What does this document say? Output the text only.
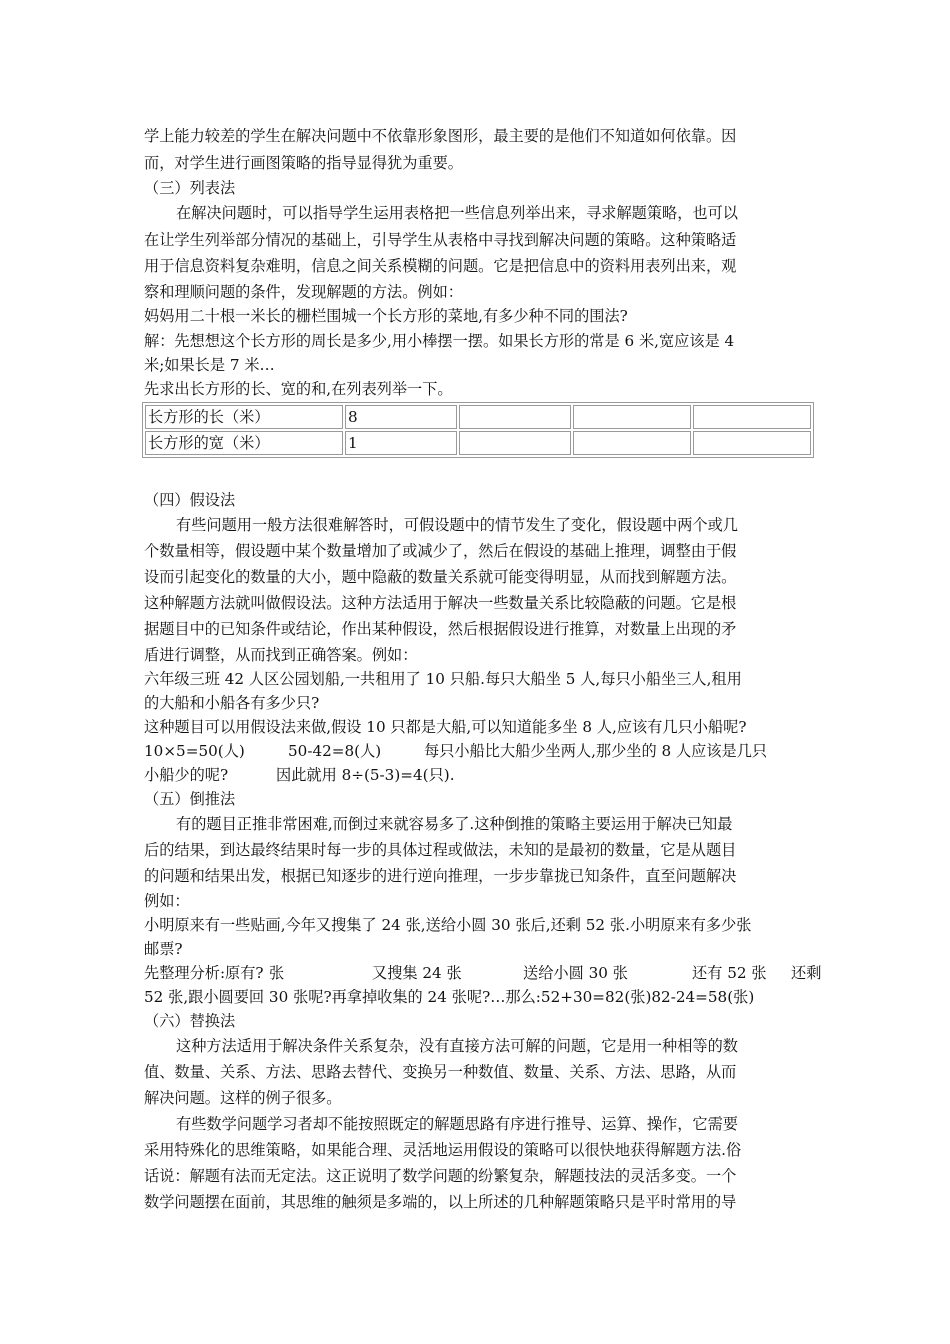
学上能力较差的学生在解决问题中不依靠形象图形，最主要的是他们不知道如何依靠。因
而，对学生进行画图策略的指导显得犹为重要。
（三）列表法
在解决问题时，可以指导学生运用表格把一些信息列举出来，寻求解题策略，也可以
在让学生列举部分情况的基础上，引导学生从表格中寻找到解决问题的策略。这种策略适
用于信息资料复杂难明，信息之间关系模糊的问题。它是把信息中的资料用表列出来，观
察和理顺问题的条件，发现解题的方法。例如：
妈妈用二十根一米长的栅栏围城一个长方形的菜地,有多少种不同的围法?
解：先想想这个长方形的周长是多少,用小棒摆一摆。如果长方形的常是 6 米,宽应该是 4
米;如果长是 7 米…
先求出长方形的长、宽的和,在列表列举一下。
长方形的长（米）	8			
长方形的宽（米）	1			
（四）假设法
有些问题用一般方法很难解答时，可假设题中的情节发生了变化，假设题中两个或几
个数量相等，假设题中某个数量增加了或减少了，然后在假设的基础上推理，调整由于假
设而引起变化的数量的大小，题中隐蔽的数量关系就可能变得明显，从而找到解题方法。
这种解题方法就叫做假设法。这种方法适用于解决一些数量关系比较隐蔽的问题。它是根
据题目中的已知条件或结论，作出某种假设，然后根据假设进行推算，对数量上出现的矛
盾进行调整，从而找到正确答案。例如：
六年级三班 42 人区公园划船,一共租用了 10 只船.每只大船坐 5 人,每只小船坐三人,租用
的大船和小船各有多少只?
这种题目可以用假设法来做,假设 10 只都是大船,可以知道能多坐 8 人,应该有几只小船呢?
10×5=50(人)	50-42=8(人)	每只小船比大船少坐两人,那少坐的 8 人应该是几只
小船少的呢?	因此就用 8÷(5-3)=4(只).
（五）倒推法
有的题目正推非常困难,而倒过来就容易多了.这种倒推的策略主要运用于解决已知最
后的结果，到达最终结果时每一步的具体过程或做法，未知的是最初的数量，它是从题目
的问题和结果出发，根据已知逐步的进行逆向推理，一步步靠拢已知条件，直至问题解决
例如：
小明原来有一些贴画,今年又搜集了 24 张,送给小圆 30 张后,还剩 52 张.小明原来有多少张
邮票?
先整理分析:原有? 张	又搜集 24 张	送给小圆 30 张	还有 52 张 还剩
52 张,跟小圆要回 30 张呢?再拿掉收集的 24 张呢?…那么:52+30=82(张)82-24=58(张)
（六）替换法
这种方法适用于解决条件关系复杂，没有直接方法可解的问题，它是用一种相等的数
值、数量、关系、方法、思路去替代、变换另一种数值、数量、关系、方法、思路，从而
解决问题。这样的例子很多。
有些数学问题学习者却不能按照既定的解题思路有序进行推导、运算、操作，它需要
采用特殊化的思维策略，如果能合理、灵活地运用假设的策略可以很快地获得解题方法.俗
话说：解题有法而无定法。这正说明了数学问题的纷繁复杂，解题技法的灵活多变。一个
数学问题摆在面前，其思维的触须是多端的，以上所述的几种解题策略只是平时常用的导
